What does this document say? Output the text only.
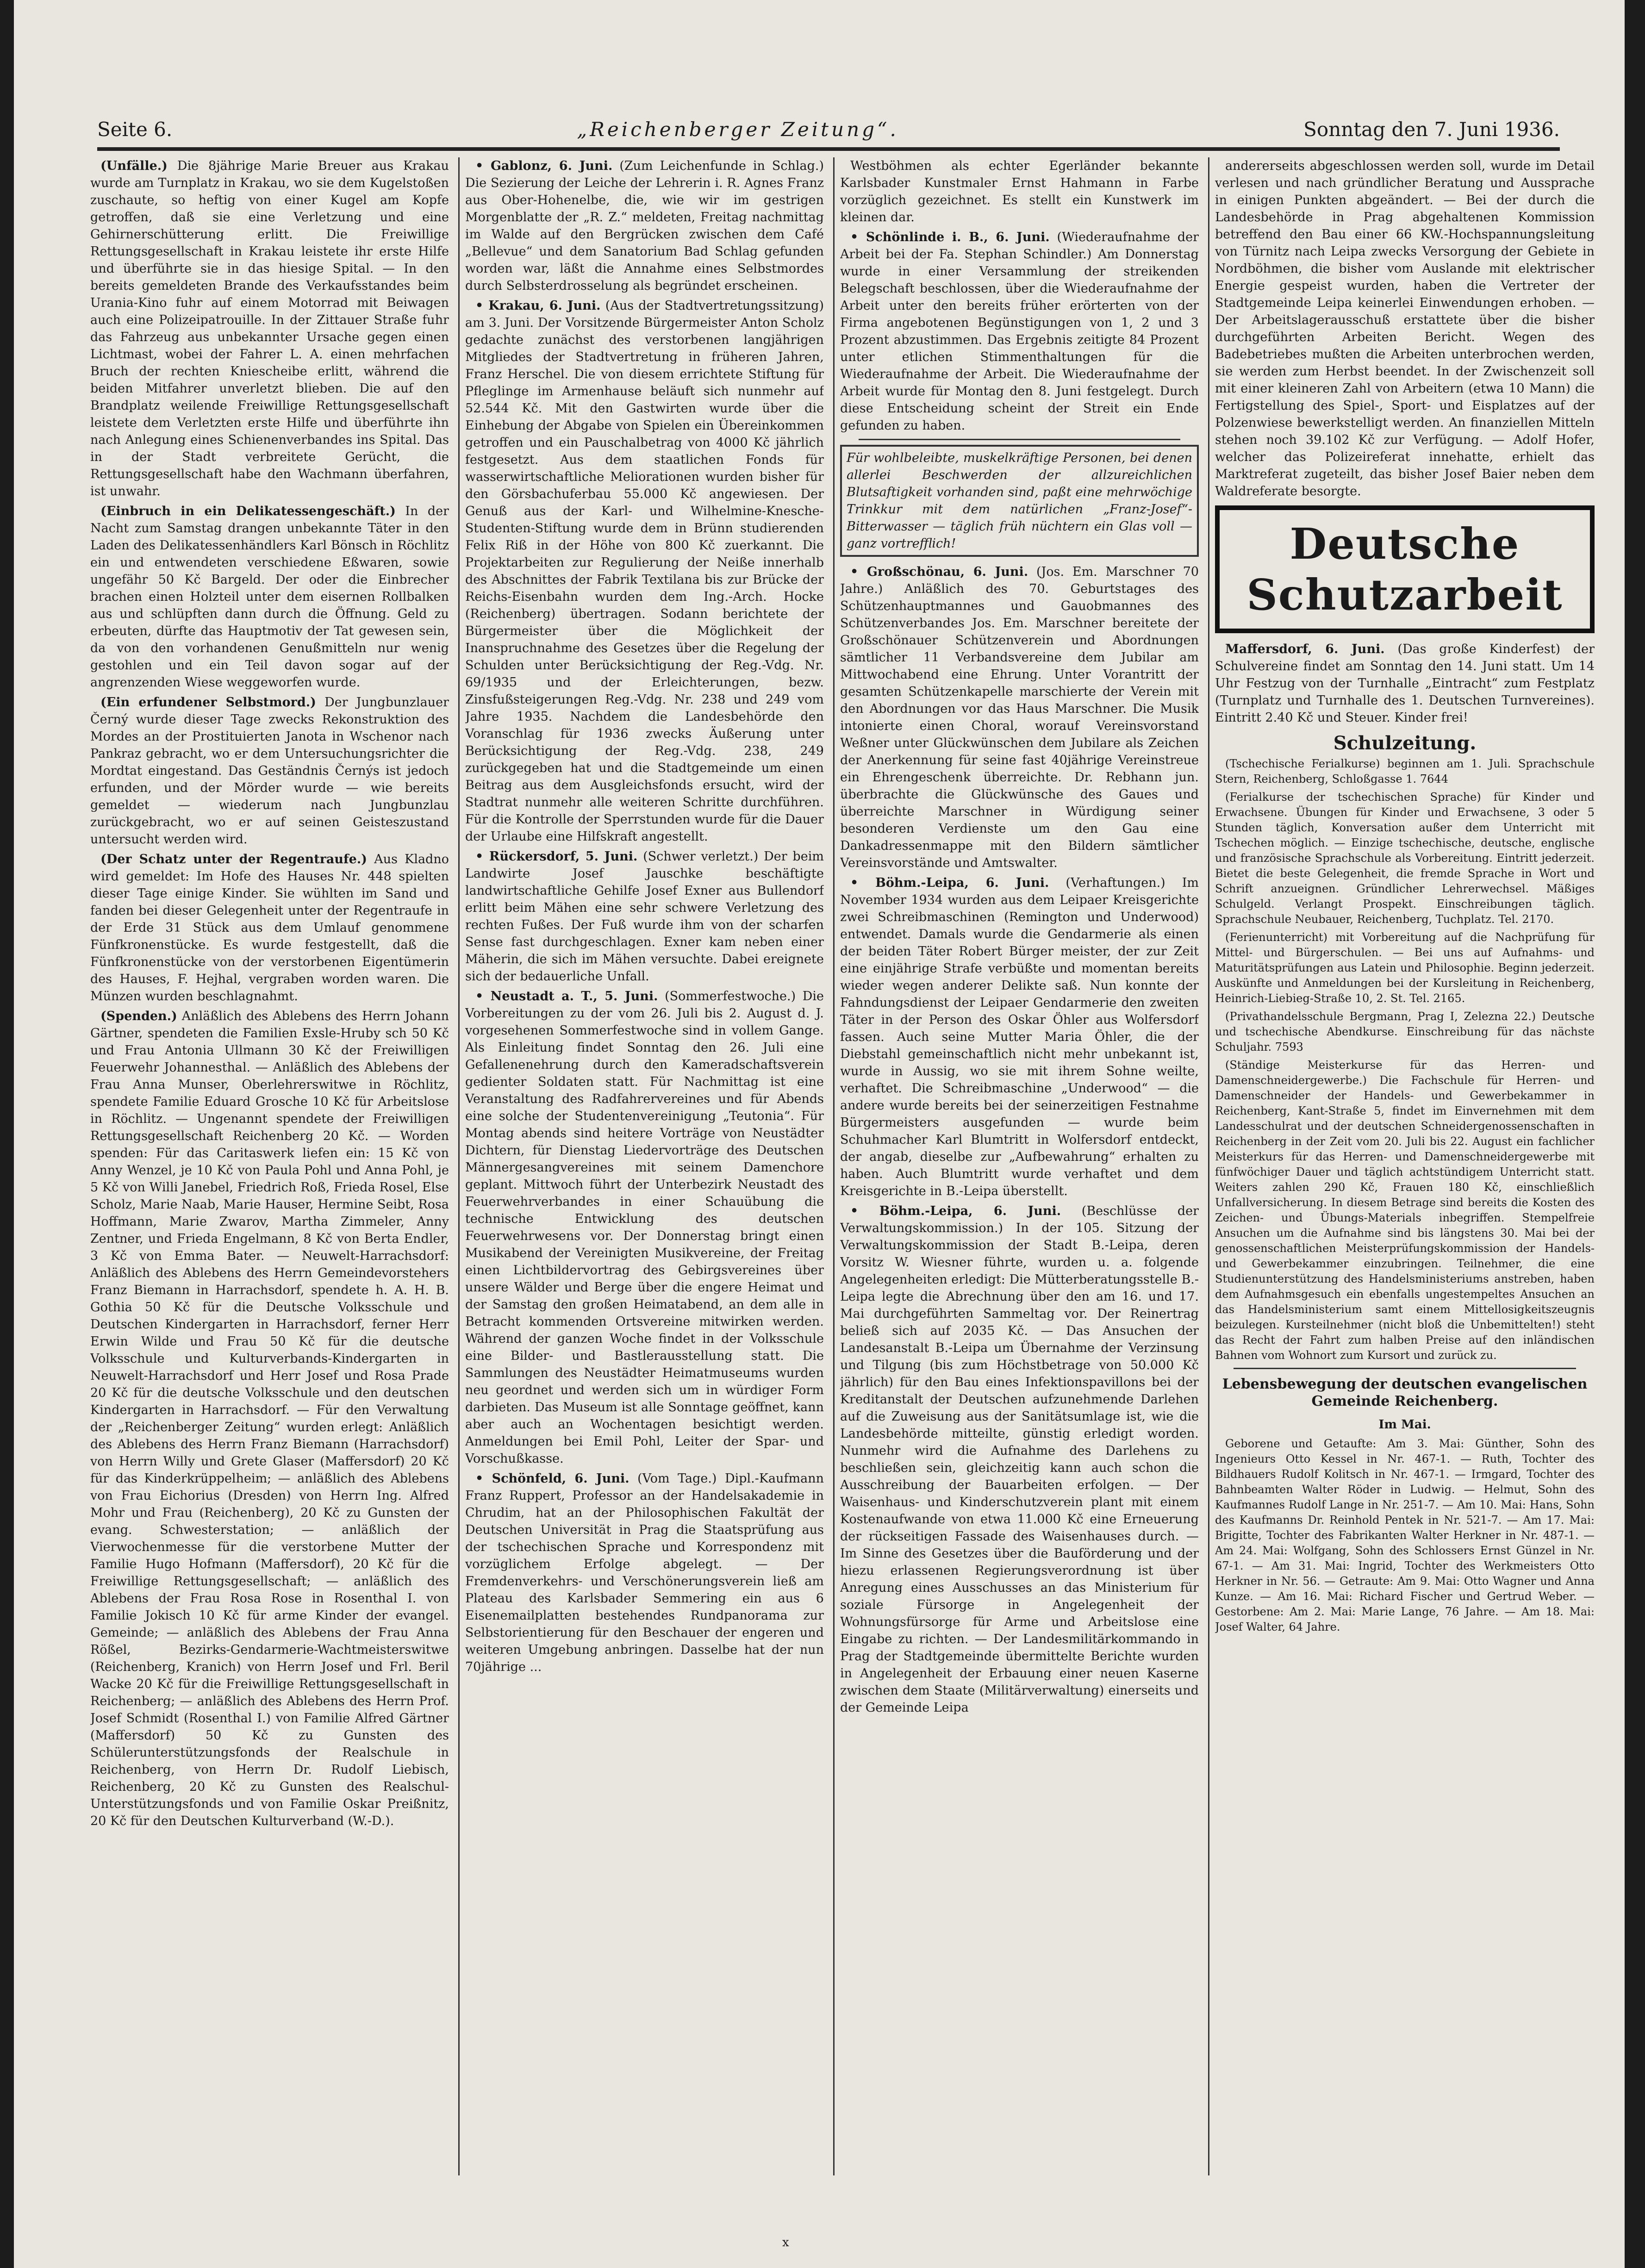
Seite 6.	„Reichenberger Zeitung“.	Sonntag den 7. Juni 1936.

(Unfälle.) Die 8jährige Marie Breuer aus Krakau wurde am Turnplatz in Krakau, wo sie dem Kugelstoßen zuschaute, so heftig von einer Kugel am Kopfe getroffen, daß sie eine Verletzung und eine Gehirnerschütterung erlitt. Die Freiwillige Rettungsgesellschaft in Krakau leistete ihr erste Hilfe und überführte sie in das hiesige Spital. — In den bereits gemeldeten Brande des Verkaufsstandes beim Urania-Kino fuhr auf einem Motorrad mit Beiwagen auch eine Polizeipatrouille. In der Zittauer Straße fuhr das Fahrzeug aus unbekannter Ursache gegen einen Lichtmast, wobei der Fahrer L. A. einen mehrfachen Bruch der rechten Kniescheibe erlitt, während die beiden Mitfahrer unverletzt blieben. Die auf den Brandplatz weilende Freiwillige Rettungsgesellschaft leistete dem Verletzten erste Hilfe und überführte ihn nach Anlegung eines Schienenverbandes ins Spital. Das in der Stadt verbreitete Gerücht, die Rettungsgesellschaft habe den Wachmann überfahren, ist unwahr.

(Einbruch in ein Delikatessengeschäft.) In der Nacht zum Samstag drangen unbekannte Täter in den Laden des Delikatessenhändlers Karl Bönsch in Röchlitz ein und entwendeten verschiedene Eßwaren, sowie ungefähr 50 Kč Bargeld. Der oder die Einbrecher brachen einen Holzteil unter dem eisernen Rollbalken aus und schlüpften dann durch die Öffnung. Geld zu erbeuten, dürfte das Hauptmotiv der Tat gewesen sein, da von den vorhandenen Genußmitteln nur wenig gestohlen und ein Teil davon sogar auf der angrenzenden Wiese weggeworfen wurde.

(Ein erfundener Selbstmord.) Der Jungbunzlauer Černý wurde dieser Tage zwecks Rekonstruktion des Mordes an der Prostituierten Janota in Wschenor nach Pankraz gebracht, wo er dem Untersuchungsrichter die Mordtat eingestand. Das Geständnis Černýs ist jedoch erfunden, und der Mörder wurde — wie bereits gemeldet — wiederum nach Jungbunzlau zurückgebracht, wo er auf seinen Geisteszustand untersucht werden wird.

(Der Schatz unter der Regentraufe.) Aus Kladno wird gemeldet: Im Hofe des Hauses Nr. 448 spielten dieser Tage einige Kinder. Sie wühlten im Sand und fanden bei dieser Gelegenheit unter der Regentraufe in der Erde 31 Stück aus dem Umlauf genommene Fünfkronenstücke. Es wurde festgestellt, daß die Fünfkronenstücke von der verstorbenen Eigentümerin des Hauses, F. Hejhal, vergraben worden waren. Die Münzen wurden beschlagnahmt.

(Spenden.) Anläßlich des Ablebens des Herrn Johann Gärtner, spendeten die Familien Exsle-Hruby sch 50 Kč und Frau Antonia Ullmann 30 Kč der Freiwilligen Feuerwehr Johannesthal. — Anläßlich des Ablebens der Frau Anna Munser, Oberlehrerswitwe in Röchlitz, spendete Familie Eduard Grosche 10 Kč für Arbeitslose in Röchlitz. — Ungenannt spendete der Freiwilligen Rettungsgesellschaft Reichenberg 20 Kč. — Worden spenden: Für das Caritaswerk liefen ein: 15 Kč von Anny Wenzel, je 10 Kč von Paula Pohl und Anna Pohl, je 5 Kč von Willi Janebel, Friedrich Roß, Frieda Rosel, Else Scholz, Marie Naab, Marie Hauser, Hermine Seibt, Rosa Hoffmann, Marie Zwarov, Martha Zimmeler, Anny Zentner, und Frieda Engelmann, 8 Kč von Berta Endler, 3 Kč von Emma Bater. — Neuwelt-Harrachsdorf: Anläßlich des Ablebens des Herrn Gemeindevorstehers Franz Biemann in Harrachsdorf, spendete h. A. H. B. Gothia 50 Kč für die Deutsche Volksschule und Deutschen Kindergarten in Harrachsdorf, ferner Herr Erwin Wilde und Frau 50 Kč für die deutsche Volksschule und Kulturverbands-Kindergarten in Neuwelt-Harrachsdorf und Herr Josef und Rosa Prade 20 Kč für die deutsche Volksschule und den deutschen Kindergarten in Harrachsdorf. — Für den Verwaltung der „Reichenberger Zeitung“ wurden erlegt: Anläßlich des Ablebens des Herrn Franz Biemann (Harrachsdorf) von Herrn Willy und Grete Glaser (Maffersdorf) 20 Kč für das Kinderkrüppelheim; — anläßlich des Ablebens von Frau Eichorius (Dresden) von Herrn Ing. Alfred Mohr und Frau (Reichenberg), 20 Kč zu Gunsten der evang. Schwesterstation; — anläßlich der Vierwochenmesse für die verstorbene Mutter der Familie Hugo Hofmann (Maffersdorf), 20 Kč für die Freiwillige Rettungsgesellschaft; — anläßlich des Ablebens der Frau Rosa Rose in Rosenthal I. von Familie Jokisch 10 Kč für arme Kinder der evangel. Gemeinde; — anläßlich des Ablebens der Frau Anna Rößel, Bezirks-Gendarmerie-Wachtmeisterswitwe (Reichenberg, Kranich) von Herrn Josef und Frl. Beril Wacke 20 Kč für die Freiwillige Rettungsgesellschaft in Reichenberg; — anläßlich des Ablebens des Herrn Prof. Josef Schmidt (Rosenthal I.) von Familie Alfred Gärtner (Maffersdorf) 50 Kč zu Gunsten des Schülerunterstützungsfonds der Realschule in Reichenberg, von Herrn Dr. Rudolf Liebisch, Reichenberg, 20 Kč zu Gunsten des Realschul-Unterstützungsfonds und von Familie Oskar Preißnitz, 20 Kč für den Deutschen Kulturverband (W.-D.).

• Gablonz, 6. Juni. (Zum Leichenfunde in Schlag.) Die Sezierung der Leiche der Lehrerin i. R. Agnes Franz aus Ober-Hohenelbe, die, wie wir im gestrigen Morgenblatte der „R. Z.“ meldeten, Freitag nachmittag im Walde auf den Bergrücken zwischen dem Café „Bellevue“ und dem Sanatorium Bad Schlag gefunden worden war, läßt die Annahme eines Selbstmordes durch Selbsterdrosselung als begründet erscheinen.

• Krakau, 6. Juni. (Aus der Stadtvertretungssitzung) am 3. Juni. Der Vorsitzende Bürgermeister Anton Scholz gedachte zunächst des verstorbenen langjährigen Mitgliedes der Stadtvertretung in früheren Jahren, Franz Herschel. Die von diesem errichtete Stiftung für Pfleglinge im Armenhause beläuft sich nunmehr auf 52.544 Kč. Mit den Gastwirten wurde über die Einhebung der Abgabe von Spielen ein Übereinkommen getroffen und ein Pauschalbetrag von 4000 Kč jährlich festgesetzt. Aus dem staatlichen Fonds für wasserwirtschaftliche Meliorationen wurden bisher für den Görsbachuferbau 55.000 Kč angewiesen. Der Genuß aus der Karl- und Wilhelmine-Knesche-Studenten-Stiftung wurde dem in Brünn studierenden Felix Riß in der Höhe von 800 Kč zuerkannt. Die Projektarbeiten zur Regulierung der Neiße innerhalb des Abschnittes der Fabrik Textilana bis zur Brücke der Reichs-Eisenbahn wurden dem Ing.-Arch. Hocke (Reichenberg) übertragen. Sodann berichtete der Bürgermeister über die Möglichkeit der Inanspruchnahme des Gesetzes über die Regelung der Schulden unter Berücksichtigung der Reg.-Vdg. Nr. 69/1935 und der Erleichterungen, bezw. Zinsfußsteigerungen Reg.-Vdg. Nr. 238 und 249 vom Jahre 1935. Nachdem die Landesbehörde den Voranschlag für 1936 zwecks Äußerung unter Berücksichtigung der Reg.-Vdg. 238, 249 zurückgegeben hat und die Stadtgemeinde um einen Beitrag aus dem Ausgleichsfonds ersucht, wird der Stadtrat nunmehr alle weiteren Schritte durchführen. Für die Kontrolle der Sperrstunden wurde für die Dauer der Urlaube eine Hilfskraft angestellt.

• Rückersdorf, 5. Juni. (Schwer verletzt.) Der beim Landwirte Josef Jauschke beschäftigte landwirtschaftliche Gehilfe Josef Exner aus Bullendorf erlitt beim Mähen eine sehr schwere Verletzung des rechten Fußes. Der Fuß wurde ihm von der scharfen Sense fast durchgeschlagen. Exner kam neben einer Mäherin, die sich im Mähen versuchte. Dabei ereignete sich der bedauerliche Unfall.

• Neustadt a. T., 5. Juni. (Sommerfestwoche.) Die Vorbereitungen zu der vom 26. Juli bis 2. August d. J. vorgesehenen Sommerfestwoche sind in vollem Gange. Als Einleitung findet Sonntag den 26. Juli eine Gefallenenehrung durch den Kameradschaftsverein gedienter Soldaten statt. Für Nachmittag ist eine Veranstaltung des Radfahrervereines und für Abends eine solche der Studentenvereinigung „Teutonia“. Für Montag abends sind heitere Vorträge von Neustädter Dichtern, für Dienstag Liedervorträge des Deutschen Männergesangvereines mit seinem Damenchore geplant. Mittwoch führt der Unterbezirk Neustadt des Feuerwehrverbandes in einer Schauübung die technische Entwicklung des deutschen Feuerwehrwesens vor. Der Donnerstag bringt einen Musikabend der Vereinigten Musikvereine, der Freitag einen Lichtbildervortrag des Gebirgsvereines über unsere Wälder und Berge über die engere Heimat und der Samstag den großen Heimatabend, an dem alle in Betracht kommenden Ortsvereine mitwirken werden. Während der ganzen Woche findet in der Volksschule eine Bilder- und Bastlerausstellung statt. Die Sammlungen des Neustädter Heimatmuseums wurden neu geordnet und werden sich um in würdiger Form darbieten. Das Museum ist alle Sonntage geöffnet, kann aber auch an Wochentagen besichtigt werden. Anmeldungen bei Emil Pohl, Leiter der Spar- und Vorschußkasse.

• Schönfeld, 6. Juni. (Vom Tage.) Dipl.-Kaufmann Franz Ruppert, Professor an der Handelsakademie in Chrudim, hat an der Philosophischen Fakultät der Deutschen Universität in Prag die Staatsprüfung aus der tschechischen Sprache und Korrespondenz mit vorzüglichem Erfolge abgelegt. — Der Fremdenverkehrs- und Verschönerungsverein ließ am Plateau des Karlsbader Semmering ein aus 6 Eisenemailplatten bestehendes Rundpanorama zur Selbstorientierung für den Beschauer der engeren und weiteren Umgebung anbringen. Dasselbe hat der nun 70jährige ...

Westböhmen als echter Egerländer bekannte Karlsbader Kunstmaler Ernst Hahmann in Farbe vorzüglich gezeichnet. Es stellt ein Kunstwerk im kleinen dar.

• Schönlinde i. B., 6. Juni. (Wiederaufnahme der Arbeit bei der Fa. Stephan Schindler.) Am Donnerstag wurde in einer Versammlung der streikenden Belegschaft beschlossen, über die Wiederaufnahme der Arbeit unter den bereits früher erörterten von der Firma angebotenen Begünstigungen von 1, 2 und 3 Prozent abzustimmen. Das Ergebnis zeitigte 84 Prozent unter etlichen Stimmenthaltungen für die Wiederaufnahme der Arbeit. Die Wiederaufnahme der Arbeit wurde für Montag den 8. Juni festgelegt. Durch diese Entscheidung scheint der Streit ein Ende gefunden zu haben.

Für wohlbeleibte, muskelkräftige Personen, bei denen allerlei Beschwerden der allzureichlichen Blutsaftigkeit vorhanden sind, paßt eine mehrwöchige Trinkkur mit dem natürlichen „Franz-Josef“-Bitterwasser — täglich früh nüchtern ein Glas voll — ganz vortrefflich!

• Großschönau, 6. Juni. (Jos. Em. Marschner 70 Jahre.) Anläßlich des 70. Geburtstages des Schützenhauptmannes und Gauobmannes des Schützenverbandes Jos. Em. Marschner bereitete der Großschönauer Schützenverein und Abordnungen sämtlicher 11 Verbandsvereine dem Jubilar am Mittwochabend eine Ehrung. Unter Vorantritt der gesamten Schützenkapelle marschierte der Verein mit den Abordnungen vor das Haus Marschner. Die Musik intonierte einen Choral, worauf Vereinsvorstand Weßner unter Glückwünschen dem Jubilare als Zeichen der Anerkennung für seine fast 40jährige Vereinstreue ein Ehrengeschenk überreichte. Dr. Rebhann jun. überbrachte die Glückwünsche des Gaues und überreichte Marschner in Würdigung seiner besonderen Verdienste um den Gau eine Dankadressenmappe mit den Bildern sämtlicher Vereinsvorstände und Amtswalter.

• Böhm.-Leipa, 6. Juni. (Verhaftungen.) Im November 1934 wurden aus dem Leipaer Kreisgerichte zwei Schreibmaschinen (Remington und Underwood) entwendet. Damals wurde die Gendarmerie als einen der beiden Täter Robert Bürger meister, der zur Zeit eine einjährige Strafe verbüßte und momentan bereits wieder wegen anderer Delikte saß. Nun konnte der Fahndungsdienst der Leipaer Gendarmerie den zweiten Täter in der Person des Oskar Öhler aus Wolfersdorf fassen. Auch seine Mutter Maria Öhler, die der Diebstahl gemeinschaftlich nicht mehr unbekannt ist, wurde in Aussig, wo sie mit ihrem Sohne weilte, verhaftet. Die Schreibmaschine „Underwood“ — die andere wurde bereits bei der seinerzeitigen Festnahme Bürgermeisters ausgefunden — wurde beim Schuhmacher Karl Blumtritt in Wolfersdorf entdeckt, der angab, dieselbe zur „Aufbewahrung“ erhalten zu haben. Auch Blumtritt wurde verhaftet und dem Kreisgerichte in B.-Leipa überstellt.

• Böhm.-Leipa, 6. Juni. (Beschlüsse der Verwaltungskommission.) In der 105. Sitzung der Verwaltungskommission der Stadt B.-Leipa, deren Vorsitz W. Wiesner führte, wurden u. a. folgende Angelegenheiten erledigt: Die Mütterberatungsstelle B.-Leipa legte die Abrechnung über den am 16. und 17. Mai durchgeführten Sammeltag vor. Der Reinertrag beließ sich auf 2035 Kč. — Das Ansuchen der Landesanstalt B.-Leipa um Übernahme der Verzinsung und Tilgung (bis zum Höchstbetrage von 50.000 Kč jährlich) für den Bau eines Infektionspavillons bei der Kreditanstalt der Deutschen aufzunehmende Darlehen auf die Zuweisung aus der Sanitätsumlage ist, wie die Landesbehörde mitteilte, günstig erledigt worden. Nunmehr wird die Aufnahme des Darlehens zu beschließen sein, gleichzeitig kann auch schon die Ausschreibung der Bauarbeiten erfolgen. — Der Waisenhaus- und Kinderschutzverein plant mit einem Kostenaufwande von etwa 11.000 Kč eine Erneuerung der rückseitigen Fassade des Waisenhauses durch. — Im Sinne des Gesetzes über die Bauförderung und der hiezu erlassenen Regierungsverordnung ist über Anregung eines Ausschusses an das Ministerium für soziale Fürsorge in Angelegenheit der Wohnungsfürsorge für Arme und Arbeitslose eine Eingabe zu richten. — Der Landesmilitärkommando in Prag der Stadtgemeinde übermittelte Berichte wurden in Angelegenheit der Erbauung einer neuen Kaserne zwischen dem Staate (Militärverwaltung) einerseits und der Gemeinde Leipa

andererseits abgeschlossen werden soll, wurde im Detail verlesen und nach gründlicher Beratung und Aussprache in einigen Punkten abgeändert. — Bei der durch die Landesbehörde in Prag abgehaltenen Kommission betreffend den Bau einer 66 KW.-Hochspannungsleitung von Türnitz nach Leipa zwecks Versorgung der Gebiete in Nordböhmen, die bisher vom Auslande mit elektrischer Energie gespeist wurden, haben die Vertreter der Stadtgemeinde Leipa keinerlei Einwendungen erhoben. — Der Arbeitslagerausschuß erstattete über die bisher durchgeführten Arbeiten Bericht. Wegen des Badebetriebes mußten die Arbeiten unterbrochen werden, sie werden zum Herbst beendet. In der Zwischenzeit soll mit einer kleineren Zahl von Arbeitern (etwa 10 Mann) die Fertigstellung des Spiel-, Sport- und Eisplatzes auf der Polzenwiese bewerkstelligt werden. An finanziellen Mitteln stehen noch 39.102 Kč zur Verfügung. — Adolf Hofer, welcher das Polizeireferat innehatte, erhielt das Marktreferat zugeteilt, das bisher Josef Baier neben dem Waldreferate besorgte.

Deutsche Schutzarbeit

Maffersdorf, 6. Juni. (Das große Kinderfest) der Schulvereine findet am Sonntag den 14. Juni statt. Um 14 Uhr Festzug von der Turnhalle „Eintracht“ zum Festplatz (Turnplatz und Turnhalle des 1. Deutschen Turnvereines). Eintritt 2.40 Kč und Steuer. Kinder frei!

Schulzeitung.

(Tschechische Ferialkurse) beginnen am 1. Juli. Sprachschule Stern, Reichenberg, Schloßgasse 1. 7644

(Ferialkurse der tschechischen Sprache) für Kinder und Erwachsene. Übungen für Kinder und Erwachsene, 3 oder 5 Stunden täglich, Konversation außer dem Unterricht mit Tschechen möglich. — Einzige tschechische, deutsche, englische und französische Sprachschule als Vorbereitung. Eintritt jederzeit. Bietet die beste Gelegenheit, die fremde Sprache in Wort und Schrift anzueignen. Gründlicher Lehrerwechsel. Mäßiges Schulgeld. Verlangt Prospekt. Einschreibungen täglich. Sprachschule Neubauer, Reichenberg, Tuchplatz. Tel. 2170.

(Ferienunterricht) mit Vorbereitung auf die Nachprüfung für Mittel- und Bürgerschulen. — Bei uns auf Aufnahms- und Maturitätsprüfungen aus Latein und Philosophie. Beginn jederzeit. Auskünfte und Anmeldungen bei der Kursleitung in Reichenberg, Heinrich-Liebieg-Straße 10, 2. St. Tel. 2165.

(Privathandelsschule Bergmann, Prag I, Zelezna 22.) Deutsche und tschechische Abendkurse. Einschreibung für das nächste Schuljahr. 7593

(Ständige Meisterkurse für das Herren- und Damenschneidergewerbe.) Die Fachschule für Herren- und Damenschneider der Handels- und Gewerbekammer in Reichenberg, Kant-Straße 5, findet im Einvernehmen mit dem Landesschulrat und der deutschen Schneidergenossenschaften in Reichenberg in der Zeit vom 20. Juli bis 22. August ein fachlicher Meisterkurs für das Herren- und Damenschneidergewerbe mit fünfwöchiger Dauer und täglich achtstündigem Unterricht statt. Weiters zahlen 290 Kč, Frauen 180 Kč, einschließlich Unfallversicherung. In diesem Betrage sind bereits die Kosten des Zeichen- und Übungs-Materials inbegriffen. Stempelfreie Ansuchen um die Aufnahme sind bis längstens 30. Mai bei der genossenschaftlichen Meisterprüfungskommission der Handels- und Gewerbekammer einzubringen. Teilnehmer, die eine Studienunterstützung des Handelsministeriums anstreben, haben dem Aufnahmsgesuch ein ebenfalls ungestempeltes Ansuchen an das Handelsministerium samt einem Mittellosigkeitszeugnis beizulegen. Kursteilnehmer (nicht bloß die Unbemittelten!) steht das Recht der Fahrt zum halben Preise auf den inländischen Bahnen vom Wohnort zum Kursort und zurück zu.

Lebensbewegung der deutschen evangelischen Gemeinde Reichenberg.
Im Mai.

Geborene und Getaufte: Am 3. Mai: Günther, Sohn des Ingenieurs Otto Kessel in Nr. 467-1. — Ruth, Tochter des Bildhauers Rudolf Kolitsch in Nr. 467-1. — Irmgard, Tochter des Bahnbeamten Walter Röder in Ludwig. — Helmut, Sohn des Kaufmannes Rudolf Lange in Nr. 251-7. — Am 10. Mai: Hans, Sohn des Kaufmanns Dr. Reinhold Pentek in Nr. 521-7. — Am 17. Mai: Brigitte, Tochter des Fabrikanten Walter Herkner in Nr. 487-1. — Am 24. Mai: Wolfgang, Sohn des Schlossers Ernst Günzel in Nr. 67-1. — Am 31. Mai: Ingrid, Tochter des Werkmeisters Otto Herkner in Nr. 56. — Getraute: Am 9. Mai: Otto Wagner und Anna Kunze. — Am 16. Mai: Richard Fischer und Gertrud Weber. — Gestorbene: Am 2. Mai: Marie Lange, 76 Jahre. — Am 18. Mai: Josef Walter, 64 Jahre.

x
